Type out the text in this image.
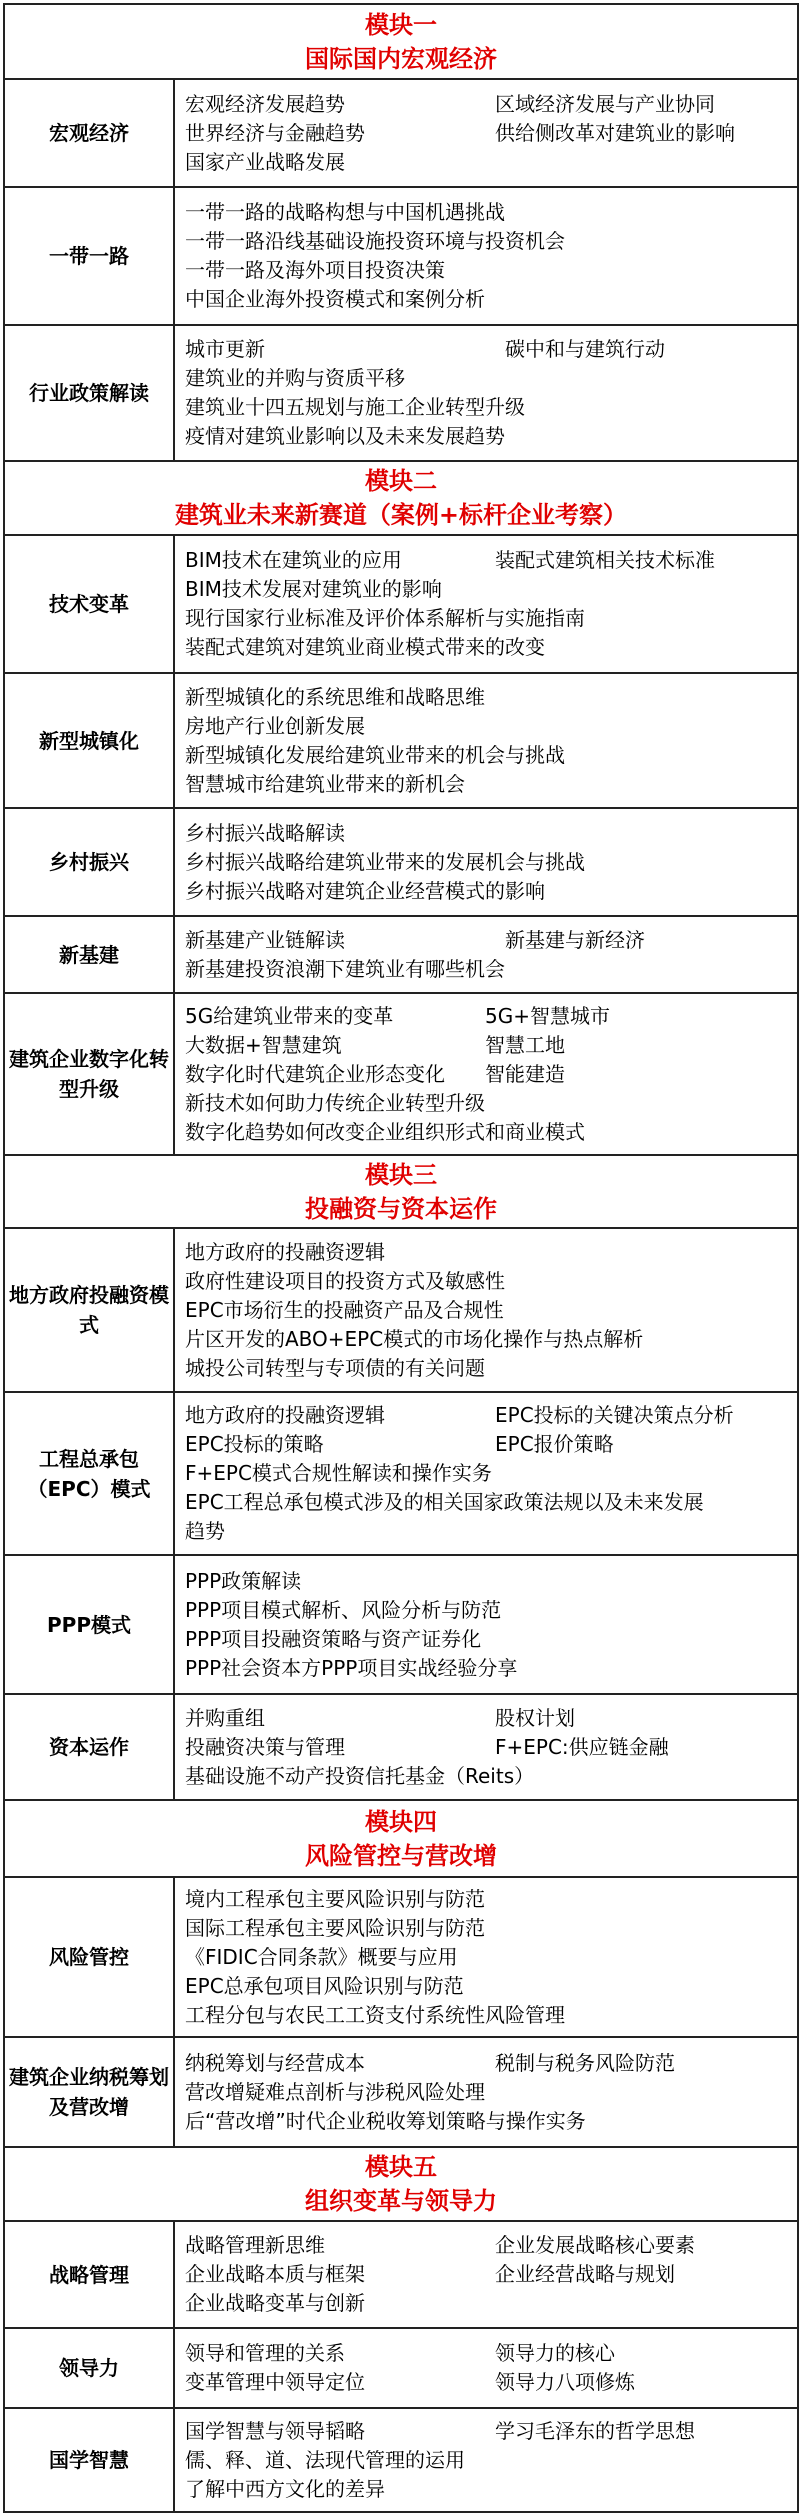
模块一
国际国内宏观经济	

宏观经济	宏观经济发展趋势 区域经济发展与产业协同
世界经济与金融趋势 供给侧改革对建筑业的影响
国家产业战略发展

一带一路	一带一路的战略构想与中国机遇挑战
一带一路沿线基础设施投资环境与投资机会
一带一路及海外项目投资决策
中国企业海外投资模式和案例分析

行业政策解读	城市更新 碳中和与建筑行动
建筑业的并购与资质平移
建筑业十四五规划与施工企业转型升级
疫情对建筑业影响以及未来发展趋势

模块二
建筑业未来新赛道（案例+标杆企业考察）	

技术变革	BIM技术在建筑业的应用 装配式建筑相关技术标准
BIM技术发展对建筑业的影响
现行国家行业标准及评价体系解析与实施指南
装配式建筑对建筑业商业模式带来的改变

新型城镇化	新型城镇化的系统思维和战略思维
房地产行业创新发展
新型城镇化发展给建筑业带来的机会与挑战
智慧城市给建筑业带来的新机会

乡村振兴	乡村振兴战略解读
乡村振兴战略给建筑业带来的发展机会与挑战
乡村振兴战略对建筑企业经营模式的影响

新基建	新基建产业链解读 新基建与新经济
新基建投资浪潮下建筑业有哪些机会

建筑企业数字化转型升级	5G给建筑业带来的变革 5G+智慧城市
大数据+智慧建筑 智慧工地
数字化时代建筑企业形态变化 智能建造
新技术如何助力传统企业转型升级
数字化趋势如何改变企业组织形式和商业模式

模块三
投融资与资本运作	

地方政府投融资模式	地方政府的投融资逻辑
政府性建设项目的投资方式及敏感性
EPC市场衍生的投融资产品及合规性
片区开发的ABO+EPC模式的市场化操作与热点解析
城投公司转型与专项债的有关问题

工程总承包（EPC）模式	地方政府的投融资逻辑 EPC投标的关键决策点分析
EPC投标的策略 EPC报价策略
F+EPC模式合规性解读和操作实务
EPC工程总承包模式涉及的相关国家政策法规以及未来发展
趋势

PPP模式	PPP政策解读
PPP项目模式解析、风险分析与防范
PPP项目投融资策略与资产证券化
PPP社会资本方PPP项目实战经验分享

资本运作	并购重组 股权计划
投融资决策与管理 F+EPC:供应链金融
基础设施不动产投资信托基金（Reits）

模块四
风险管控与营改增	

风险管控	境内工程承包主要风险识别与防范
国际工程承包主要风险识别与防范
《FIDIC合同条款》概要与应用
EPC总承包项目风险识别与防范
工程分包与农民工工资支付系统性风险管理

建筑企业纳税筹划及营改增	纳税筹划与经营成本 税制与税务风险防范
营改增疑难点剖析与涉税风险处理
后“营改增”时代企业税收筹划策略与操作实务

模块五
组织变革与领导力	

战略管理	战略管理新思维 企业发展战略核心要素
企业战略本质与框架 企业经营战略与规划
企业战略变革与创新

领导力	领导和管理的关系 领导力的核心
变革管理中领导定位 领导力八项修炼

国学智慧	国学智慧与领导韬略 学习毛泽东的哲学思想
儒、释、道、法现代管理的运用
了解中西方文化的差异
